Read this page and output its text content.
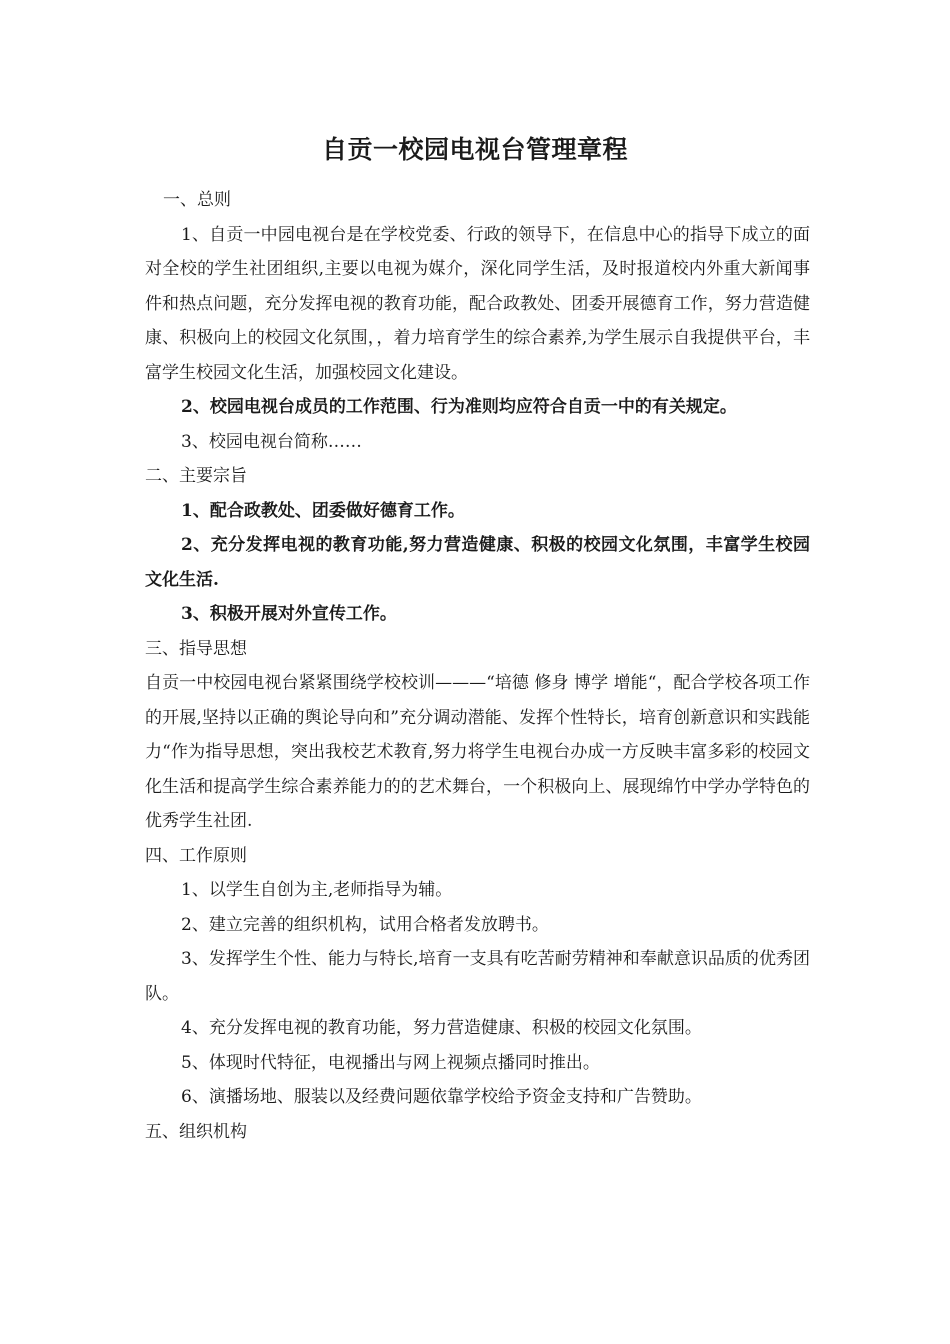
自贡一校园电视台管理章程

一、总则

1、自贡一中园电视台是在学校党委、行政的领导下，在信息中心的指导下成立的面对全校的学生社团组织,主要以电视为媒介，深化同学生活，及时报道校内外重大新闻事件和热点问题，充分发挥电视的教育功能，配合政教处、团委开展德育工作，努力营造健康、积极向上的校园文化氛围，，着力培育学生的综合素养,为学生展示自我提供平台，丰富学生校园文化生活，加强校园文化建设。

2、校园电视台成员的工作范围、行为准则均应符合自贡一中的有关规定。

3、校园电视台简称……

二、主要宗旨

1、配合政教处、团委做好德育工作。

2、充分发挥电视的教育功能,努力营造健康、积极的校园文化氛围，丰富学生校园文化生活.

3、积极开展对外宣传工作。

三、指导思想

自贡一中校园电视台紧紧围绕学校校训———“培德 修身 博学 增能“，配合学校各项工作的开展,坚持以正确的舆论导向和”充分调动潜能、发挥个性特长，培育创新意识和实践能力“作为指导思想，突出我校艺术教育,努力将学生电视台办成一方反映丰富多彩的校园文化生活和提高学生综合素养能力的的艺术舞台，一个积极向上、展现绵竹中学办学特色的优秀学生社团.

四、工作原则

1、以学生自创为主,老师指导为辅。

2、建立完善的组织机构，试用合格者发放聘书。

3、发挥学生个性、能力与特长,培育一支具有吃苦耐劳精神和奉献意识品质的优秀团队。

4、充分发挥电视的教育功能，努力营造健康、积极的校园文化氛围。

5、体现时代特征，电视播出与网上视频点播同时推出。

6、演播场地、服装以及经费问题依靠学校给予资金支持和广告赞助。

五、组织机构
